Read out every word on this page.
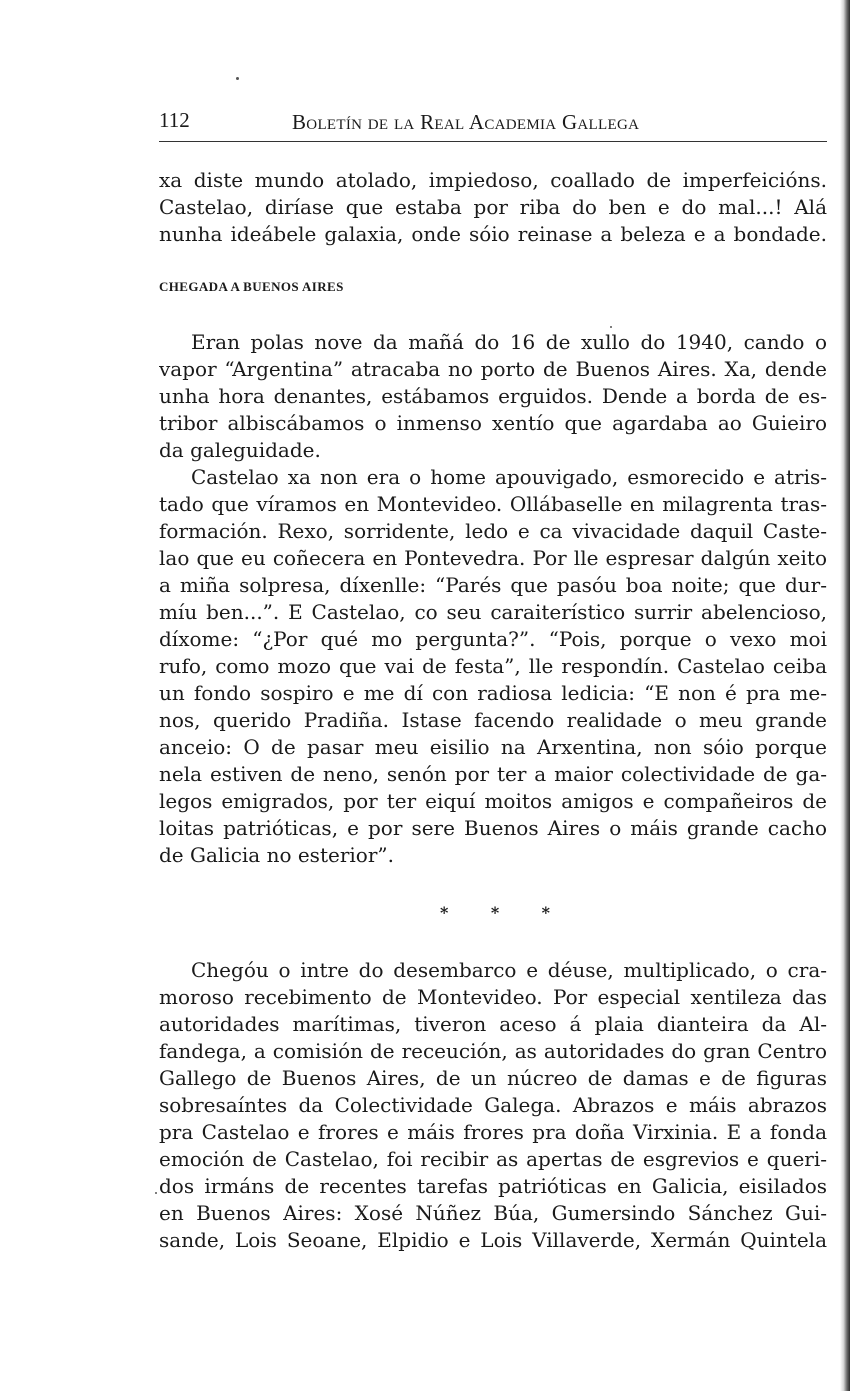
112	Boletín de la Real Academia Gallega
xa diste mundo atolado, impiedoso, coallado de imperfeicións.
Castelao, diríase que estaba por riba do ben e do mal...! Alá
nunha ideábele galaxia, onde sóio reinase a beleza e a bondade.
CHEGADA A BUENOS AIRES
Eran polas nove da mañá do 16 de xullo do 1940, cando o
vapor “Argentina” atracaba no porto de Buenos Aires. Xa, dende
unha hora denantes, estábamos erguidos. Dende a borda de es-
tribor albiscábamos o inmenso xentío que agardaba ao Guieiro
da galeguidade.
Castelao xa non era o home apouvigado, esmorecido e atris-
tado que víramos en Montevideo. Ollábaselle en milagrenta tras-
formación. Rexo, sorridente, ledo e ca vivacidade daquil Caste-
lao que eu coñecera en Pontevedra. Por lle espresar dalgún xeito
a miña solpresa, díxenlle: “Parés que pasóu boa noite; que dur-
míu ben...”. E Castelao, co seu caraiterístico surrir abelencioso,
díxome: “¿Por qué mo pergunta?”. “Pois, porque o vexo moi
rufo, como mozo que vai de festa”, lle respondín. Castelao ceiba
un fondo sospiro e me dí con radiosa ledicia: “E non é pra me-
nos, querido Pradiña. Istase facendo realidade o meu grande
anceio: O de pasar meu eisilio na Arxentina, non sóio porque
nela estiven de neno, senón por ter a maior colectividade de ga-
legos emigrados, por ter eiquí moitos amigos e compañeiros de
loitas patrióticas, e por sere Buenos Aires o máis grande cacho
de Galicia no esterior”.
*	*	*
Chegóu o intre do desembarco e déuse, multiplicado, o cra-
moroso recebimento de Montevideo. Por especial xentileza das
autoridades marítimas, tiveron aceso á plaia dianteira da Al-
fandega, a comisión de receución, as autoridades do gran Centro
Gallego de Buenos Aires, de un núcreo de damas e de figuras
sobresaíntes da Colectividade Galega. Abrazos e máis abrazos
pra Castelao e frores e máis frores pra doña Virxinia. E a fonda
emoción de Castelao, foi recibir as apertas de esgrevios e queri-
dos irmáns de recentes tarefas patrióticas en Galicia, eisilados
en Buenos Aires: Xosé Núñez Búa, Gumersindo Sánchez Gui-
sande, Lois Seoane, Elpidio e Lois Villaverde, Xermán Quintela
